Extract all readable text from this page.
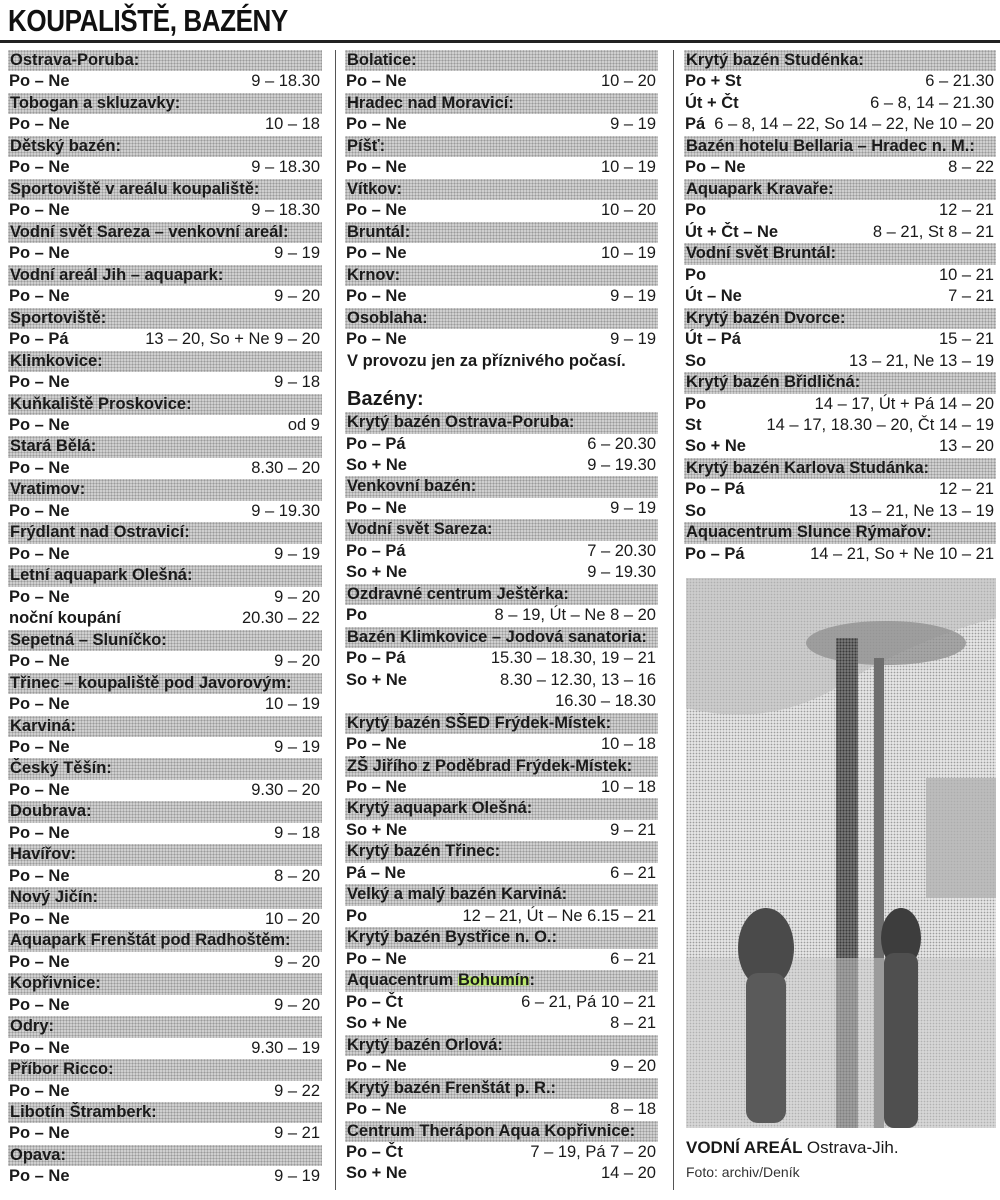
KOUPALIŠTĚ, BAZÉNY
Ostrava-Poruba:
Po – Ne	9 – 18.30
Tobogan a skluzavky:
Po – Ne	10 – 18
Dětský bazén:
Po – Ne	9 – 18.30
Sportoviště v areálu koupaliště:
Po – Ne	9 – 18.30
Vodní svět Sareza – venkovní areál:
Po – Ne	9 – 19
Vodní areál Jih – aquapark:
Po – Ne	9 – 20
Sportoviště:
Po – Pá	13 – 20, So + Ne 9 – 20
Klimkovice:
Po – Ne	9 – 18
Kuňkaliště Proskovice:
Po – Ne	od 9
Stará Bělá:
Po – Ne	8.30 – 20
Vratimov:
Po – Ne	9 – 19.30
Frýdlant nad Ostravicí:
Po – Ne	9 – 19
Letní aquapark Olešná:
Po – Ne	9 – 20
noční koupání	20.30 – 22
Sepetná – Sluníčko:
Po – Ne	9 – 20
Třinec – koupaliště pod Javorovým:
Po – Ne	10 – 19
Karviná:
Po – Ne	9 – 19
Český Těšín:
Po – Ne	9.30 – 20
Doubrava:
Po – Ne	9 – 18
Havířov:
Po – Ne	8 – 20
Nový Jičín:
Po – Ne	10 – 20
Aquapark Frenštát pod Radhoštěm:
Po – Ne	9 – 20
Kopřivnice:
Po – Ne	9 – 20
Odry:
Po – Ne	9.30 – 19
Příbor Ricco:
Po – Ne	9 – 22
Libotín Štramberk:
Po – Ne	9 – 21
Opava:
Po – Ne	9 – 19
Bolatice:
Po – Ne	10 – 20
Hradec nad Moravicí:
Po – Ne	9 – 19
Píšť:
Po – Ne	10 – 19
Vítkov:
Po – Ne	10 – 20
Bruntál:
Po – Ne	10 – 19
Krnov:
Po – Ne	9 – 19
Osoblaha:
Po – Ne	9 – 19
V provozu jen za příznivého počasí.
Bazény:
Krytý bazén Ostrava-Poruba:
Po – Pá	6 – 20.30
So + Ne	9 – 19.30
Venkovní bazén:
Po – Ne	9 – 19
Vodní svět Sareza:
Po – Pá	7 – 20.30
So + Ne	9 – 19.30
Ozdravné centrum Ještěrka:
Po	8 – 19, Út – Ne 8 – 20
Bazén Klimkovice – Jodová sanatoria:
Po – Pá	15.30 – 18.30, 19 – 21
So + Ne	8.30 – 12.30, 13 – 16
16.30 – 18.30
Krytý bazén SŠED Frýdek-Místek:
Po – Ne	10 – 18
ZŠ Jiřího z Poděbrad Frýdek-Místek:
Po – Ne	10 – 18
Krytý aquapark Olešná:
So + Ne	9 – 21
Krytý bazén Třinec:
Pá – Ne	6 – 21
Velký a malý bazén Karviná:
Po	12 – 21, Út – Ne 6.15 – 21
Krytý bazén Bystřice n. O.:
Po – Ne	6 – 21
Aquacentrum Bohumín:
Po – Čt	6 – 21, Pá 10 – 21
So + Ne	8 – 21
Krytý bazén Orlová:
Po – Ne	9 – 20
Krytý bazén Frenštát p. R.:
Po – Ne	8 – 18
Centrum Therápon Aqua Kopřivnice:
Po – Čt	7 – 19, Pá 7 – 20
So + Ne	14 – 20
Krytý bazén Studénka:
Po + St	6 – 21.30
Út + Čt	6 – 8, 14 – 21.30
Pá 6 – 8, 14 – 22, So 14 – 22, Ne 10 – 20
Bazén hotelu Bellaria – Hradec n. M.:
Po – Ne	8 – 22
Aquapark Kravaře:
Po	12 – 21
Út + Čt – Ne	8 – 21, St 8 – 21
Vodní svět Bruntál:
Po	10 – 21
Út – Ne	7 – 21
Krytý bazén Dvorce:
Út – Pá	15 – 21
So	13 – 21, Ne 13 – 19
Krytý bazén Břidličná:
Po	14 – 17, Út + Pá 14 – 20
St	14 – 17, 18.30 – 20, Čt 14 – 19
So + Ne	13 – 20
Krytý bazén Karlova Studánka:
Po – Pá	12 – 21
So	13 – 21, Ne 13 – 19
Aquacentrum Slunce Rýmařov:
Po – Pá	14 – 21, So + Ne 10 – 21
VODNÍ AREÁL Ostrava-Jih.
Foto: archiv/Deník
